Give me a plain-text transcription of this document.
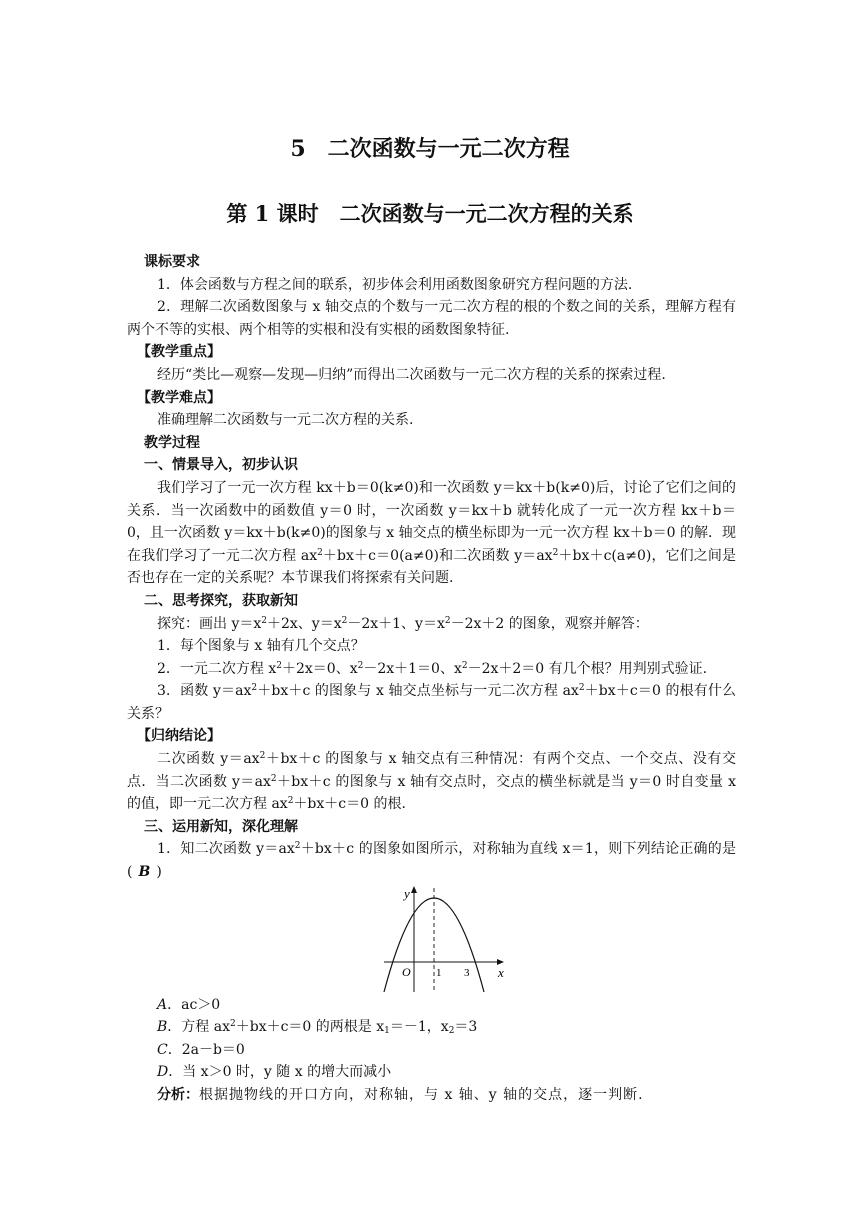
5　二次函数与一元二次方程
第 1 课时　二次函数与一元二次方程的关系

课标要求

1．体会函数与方程之间的联系，初步体会利用函数图象研究方程问题的方法.

2．理解二次函数图象与 x 轴交点的个数与一元二次方程的根的个数之间的关系，理解方程有两个不等的实根、两个相等的实根和没有实根的函数图象特征.

【教学重点】

经历“类比—观察—发现—归纳”而得出二次函数与一元二次方程的关系的探索过程.

【教学难点】

准确理解二次函数与一元二次方程的关系.

教学过程

一、情景导入，初步认识

我们学习了一元一次方程 kx＋b＝0(k≠0)和一次函数 y＝kx＋b(k≠0)后，讨论了它们之间的关系．当一次函数中的函数值 y＝0 时，一次函数 y＝kx＋b 就转化成了一元一次方程 kx＋b＝0，且一次函数 y＝kx＋b(k≠0)的图象与 x 轴交点的横坐标即为一元一次方程 kx＋b＝0 的解．现在我们学习了一元二次方程 $ax^2+bx+c=0(a\ne 0)$和二次函数 $y=ax^2+bx+c(a\ne 0)$，它们之间是否也存在一定的关系呢？本节课我们将探索有关问题.

二、思考探究，获取新知

探究：画出 $y=x^2+2x$、$y=x^2-2x+1$、$y=x^2-2x+2$ 的图象，观察并解答：

1．每个图象与 x 轴有几个交点？

2．一元二次方程 $x^2+2x=0$、$x^2-2x+1=0$、$x^2-2x+2=0$ 有几个根？用判别式验证.

3．函数 $y=ax^2+bx+c$ 的图象与 x 轴交点坐标与一元二次方程 $ax^2+bx+c=0$ 的根有什么关系？

【归纳结论】

二次函数 $y=ax^2+bx+c$ 的图象与 x 轴交点有三种情况：有两个交点、一个交点、没有交点．当二次函数 $y=ax^2+bx+c$ 的图象与 x 轴有交点时，交点的横坐标就是当 y＝0 时自变量 x 的值，即一元二次方程 $ax^2+bx+c=0$ 的根.

三、运用新知，深化理解

1．知二次函数 $y=ax^2+bx+c$ 的图象如图所示，对称轴为直线 x＝1，则下列结论正确的是( B )

y
x
O 1 3

A．ac＞0

B．方程 $ax^2+bx+c=0$ 的两根是 $x_1=-1$，$x_2=3$

C．2a－b＝0

D．当 x＞0 时，y 随 x 的增大而减小

分析：根据抛物线的开口方向，对称轴，与 x 轴、y 轴的交点，逐一判断.
